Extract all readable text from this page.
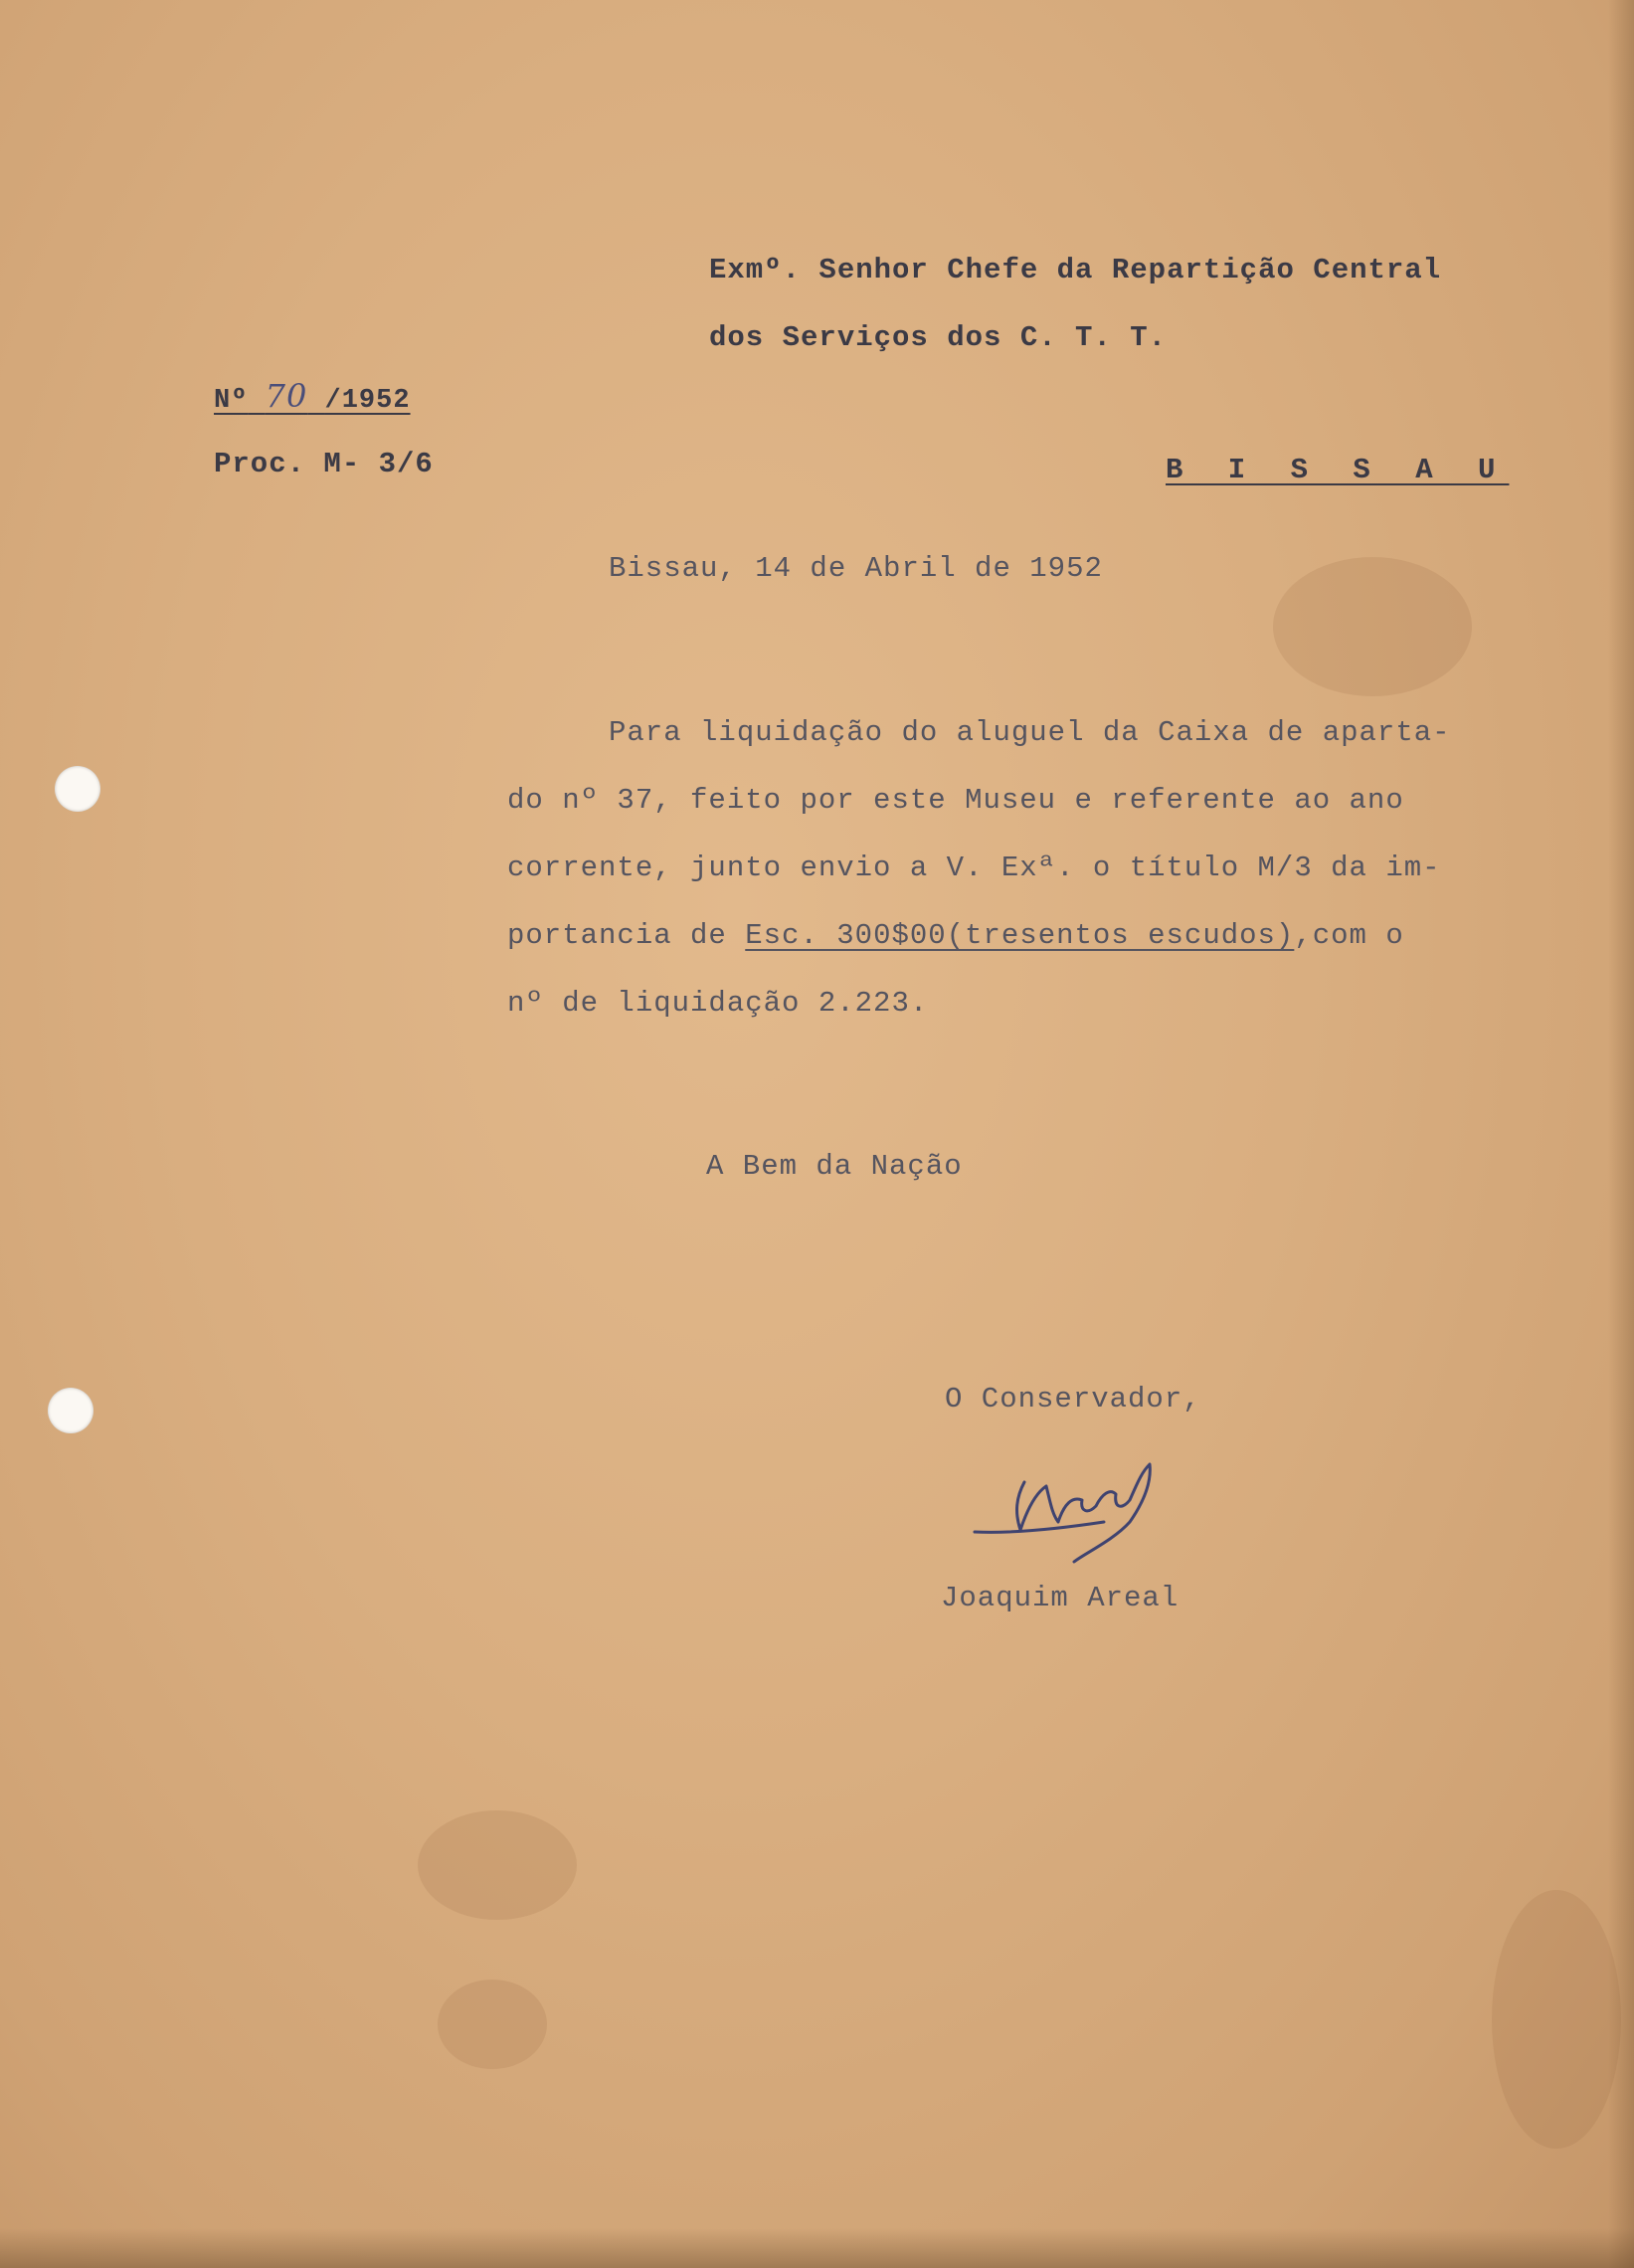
Exmº. Senhor Chefe da Repartição Central
dos Serviços dos C. T. T.
Nº 70 /1952
Proc. M- 3/6	B I S S A U
Bissau, 14 de Abril de 1952
Para liquidação do aluguel da Caixa de aparta-
do nº 37, feito por este Museu e referente ao ano
corrente, junto envio a V. Exª. o título M/3 da im-
portancia de Esc. 300$00(tresentos escudos),com o
nº de liquidação 2.223.
A Bem da Nação
O Conservador,
Joaquim Areal
